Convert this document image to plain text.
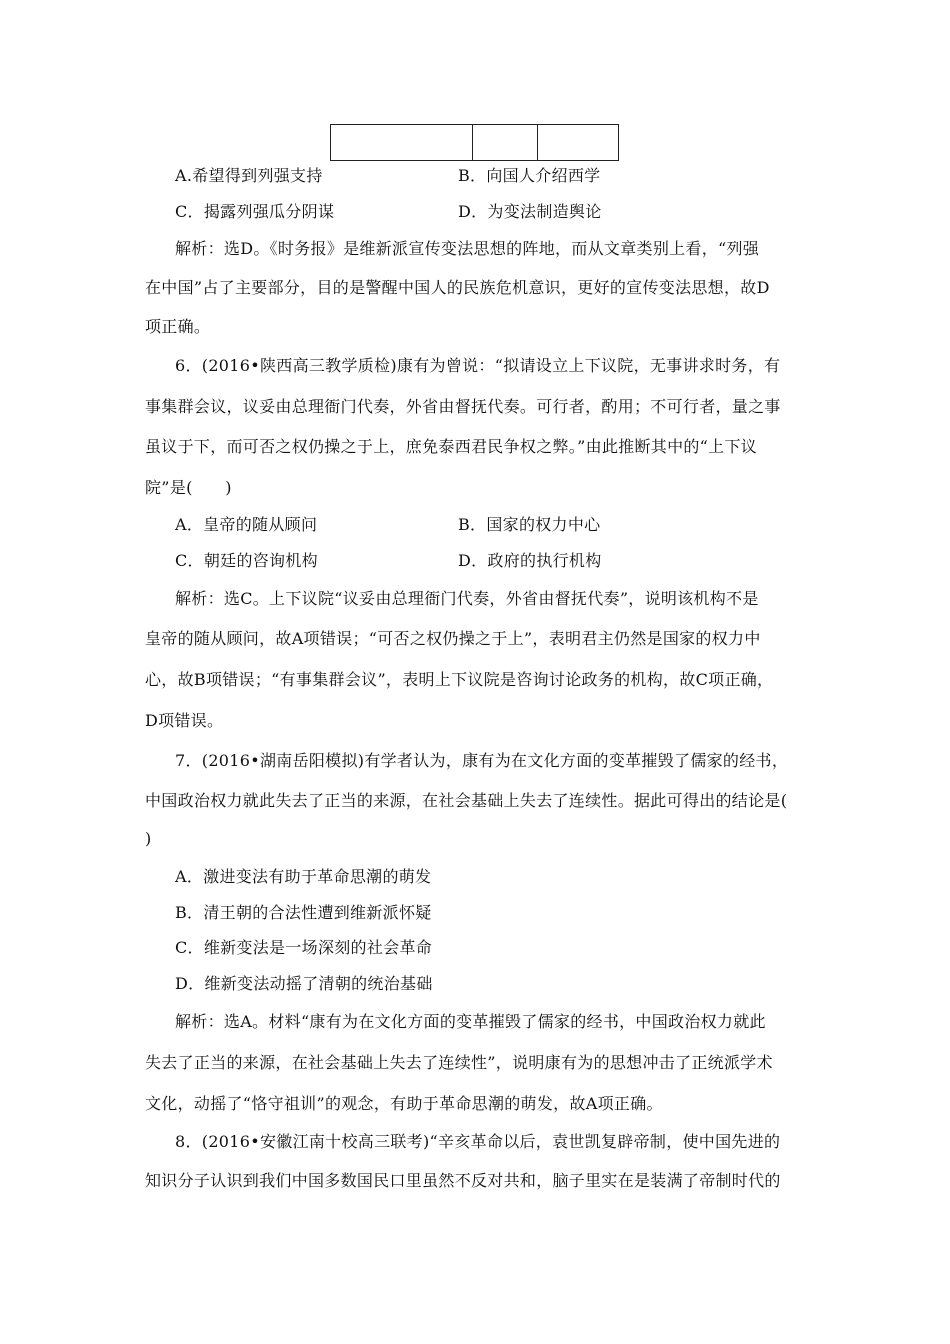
A.希望得到列强支持	B．向国人介绍西学
C．揭露列强瓜分阴谋	D．为变法制造舆论
解析：选D。《时务报》是维新派宣传变法思想的阵地，而从文章类别上看，“列强
在中国”占了主要部分，目的是警醒中国人的民族危机意识，更好的宣传变法思想，故D
项正确。
6．(2016•陕西高三教学质检)康有为曾说：“拟请设立上下议院，无事讲求时务，有
事集群会议，议妥由总理衙门代奏，外省由督抚代奏。可行者，酌用；不可行者，量之事
虽议于下，而可否之权仍操之于上，庶免泰西君民争权之弊。”由此推断其中的“上下议
院”是(　　)
A．皇帝的随从顾问	B．国家的权力中心
C．朝廷的咨询机构	D．政府的执行机构
解析：选C。上下议院“议妥由总理衙门代奏，外省由督抚代奏”，说明该机构不是
皇帝的随从顾问，故A项错误；“可否之权仍操之于上”，表明君主仍然是国家的权力中
心，故B项错误；“有事集群会议”，表明上下议院是咨询讨论政务的机构，故C项正确，
D项错误。
7．(2016•湖南岳阳模拟)有学者认为，康有为在文化方面的变革摧毁了儒家的经书，
中国政治权力就此失去了正当的来源，在社会基础上失去了连续性。据此可得出的结论是(
)
A．激进变法有助于革命思潮的萌发
B．清王朝的合法性遭到维新派怀疑
C．维新变法是一场深刻的社会革命
D．维新变法动摇了清朝的统治基础
解析：选A。材料“康有为在文化方面的变革摧毁了儒家的经书，中国政治权力就此
失去了正当的来源，在社会基础上失去了连续性”，说明康有为的思想冲击了正统派学术
文化，动摇了“恪守祖训”的观念，有助于革命思潮的萌发，故A项正确。
8．(2016•安徽江南十校高三联考)“辛亥革命以后，袁世凯复辟帝制，使中国先进的
知识分子认识到我们中国多数国民口里虽然不反对共和，脑子里实在是装满了帝制时代的
